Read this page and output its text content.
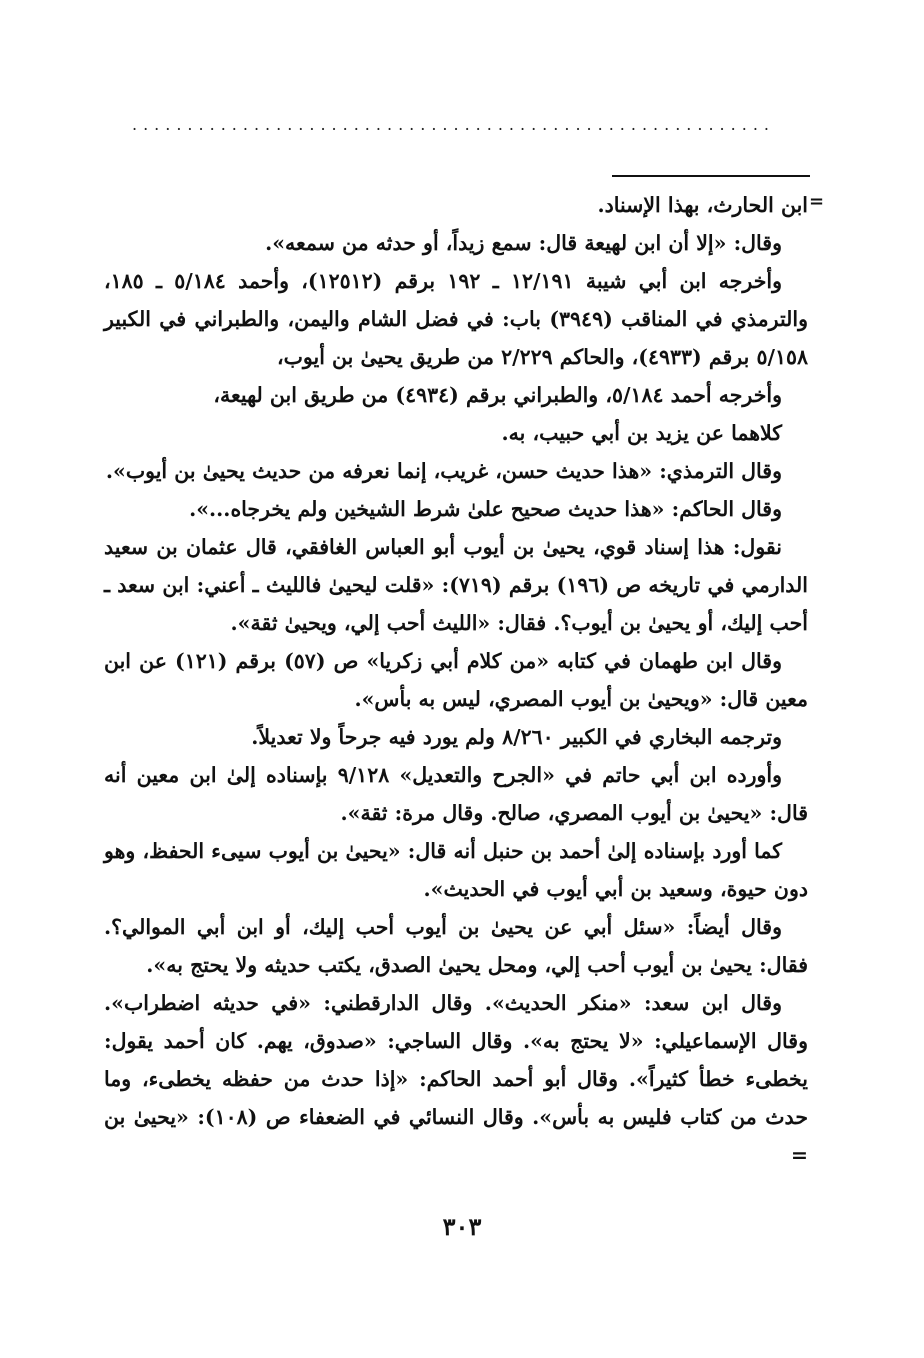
..........................................................
=

ابن الحارث، بهذا الإسناد.

وقال: «إلا أن ابن لهيعة قال: سمع زيداً، أو حدثه من سمعه».

وأخرجه ابن أبي شيبة ١٢/١٩١ ـ ١٩٢ برقم (١٢٥١٢)، وأحمد ٥/١٨٤ ـ ١٨٥، والترمذي في المناقب (٣٩٤٩) باب: في فضل الشام واليمن، والطبراني في الكبير ٥/١٥٨ برقم (٤٩٣٣)، والحاكم ٢/٢٢٩ من طريق يحيىٰ بن أيوب،

وأخرجه أحمد ٥/١٨٤، والطبراني برقم (٤٩٣٤) من طريق ابن لهيعة،

كلاهما عن يزيد بن أبي حبيب، به.

وقال الترمذي: «هذا حديث حسن، غريب، إنما نعرفه من حديث يحيىٰ بن أيوب».

وقال الحاكم: «هذا حديث صحيح علىٰ شرط الشيخين ولم يخرجاه...».

نقول: هذا إسناد قوي، يحيىٰ بن أيوب أبو العباس الغافقي، قال عثمان بن سعيد الدارمي في تاريخه ص (١٩٦) برقم (٧١٩): «قلت ليحيىٰ فالليث ـ أعني: ابن سعد ـ أحب إليك، أو يحيىٰ بن أيوب؟. فقال: «الليث أحب إلي، ويحيىٰ ثقة».

وقال ابن طهمان في كتابه «من كلام أبي زكريا» ص (٥٧) برقم (١٢١) عن ابن معين قال: «ويحيىٰ بن أيوب المصري، ليس به بأس».

وترجمه البخاري في الكبير ٨/٢٦٠ ولم يورد فيه جرحاً ولا تعديلاً.

وأورده ابن أبي حاتم في «الجرح والتعديل» ٩/١٢٨ بإسناده إلىٰ ابن معين أنه قال: «يحيىٰ بن أيوب المصري، صالح. وقال مرة: ثقة».

كما أورد بإسناده إلىٰ أحمد بن حنبل أنه قال: «يحيىٰ بن أيوب سيىء الحفظ، وهو دون حيوة، وسعيد بن أبي أيوب في الحديث».

وقال أيضاً: «سئل أبي عن يحيىٰ بن أيوب أحب إليك، أو ابن أبي الموالي؟. فقال: يحيىٰ بن أيوب أحب إلي، ومحل يحيىٰ الصدق، يكتب حديثه ولا يحتج به».

وقال ابن سعد: «منكر الحديث». وقال الدارقطني: «في حديثه اضطراب». وقال الإسماعيلي: «لا يحتج به». وقال الساجي: «صدوق، يهم. كان أحمد يقول: يخطىء خطأ كثيراً». وقال أبو أحمد الحاكم: «إذا حدث من حفظه يخطىء، وما حدث من كتاب فليس به بأس». وقال النسائي في الضعفاء ص (١٠٨): «يحيىٰ بن =

٣٠٣
